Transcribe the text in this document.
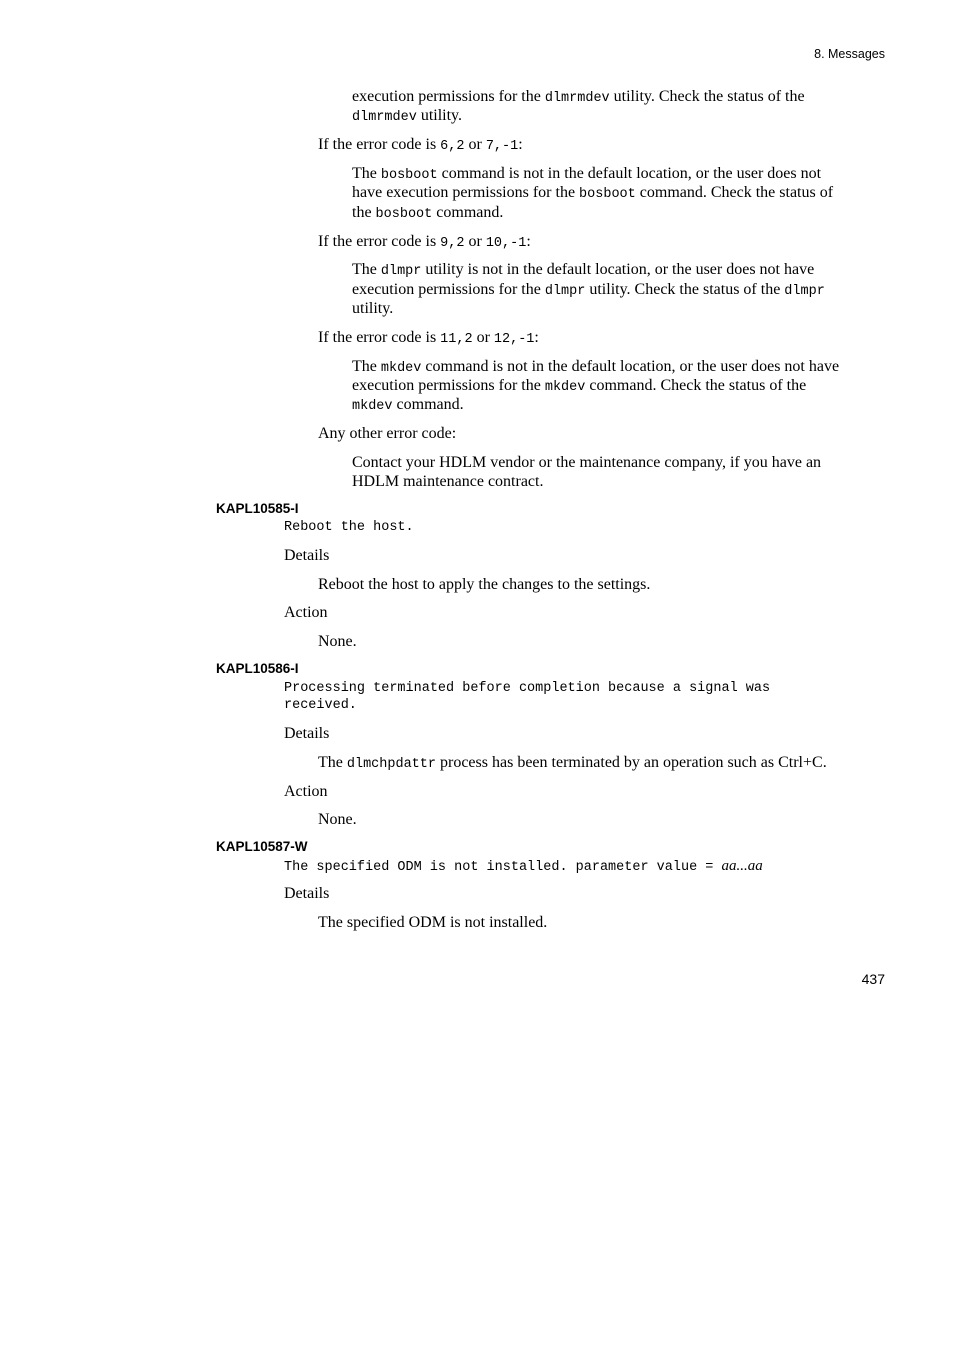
8. Messages
execution permissions for the dlmrmdev utility. Check the status of the
dlmrmdev utility.
If the error code is 6,2 or 7,-1:
The bosboot command is not in the default location, or the user does not
have execution permissions for the bosboot command. Check the status of
the bosboot command.
If the error code is 9,2 or 10,-1:
The dlmpr utility is not in the default location, or the user does not have
execution permissions for the dlmpr utility. Check the status of the dlmpr
utility.
If the error code is 11,2 or 12,-1:
The mkdev command is not in the default location, or the user does not have
execution permissions for the mkdev command. Check the status of the
mkdev command.
Any other error code:
Contact your HDLM vendor or the maintenance company, if you have an
HDLM maintenance contract.
KAPL10585-I
Reboot the host.
Details
Reboot the host to apply the changes to the settings.
Action
None.
KAPL10586-I
Processing terminated before completion because a signal was
received.
Details
The dlmchpdattr process has been terminated by an operation such as Ctrl+C.
Action
None.
KAPL10587-W
The specified ODM is not installed. parameter value = aa...aa
Details
The specified ODM is not installed.
437
